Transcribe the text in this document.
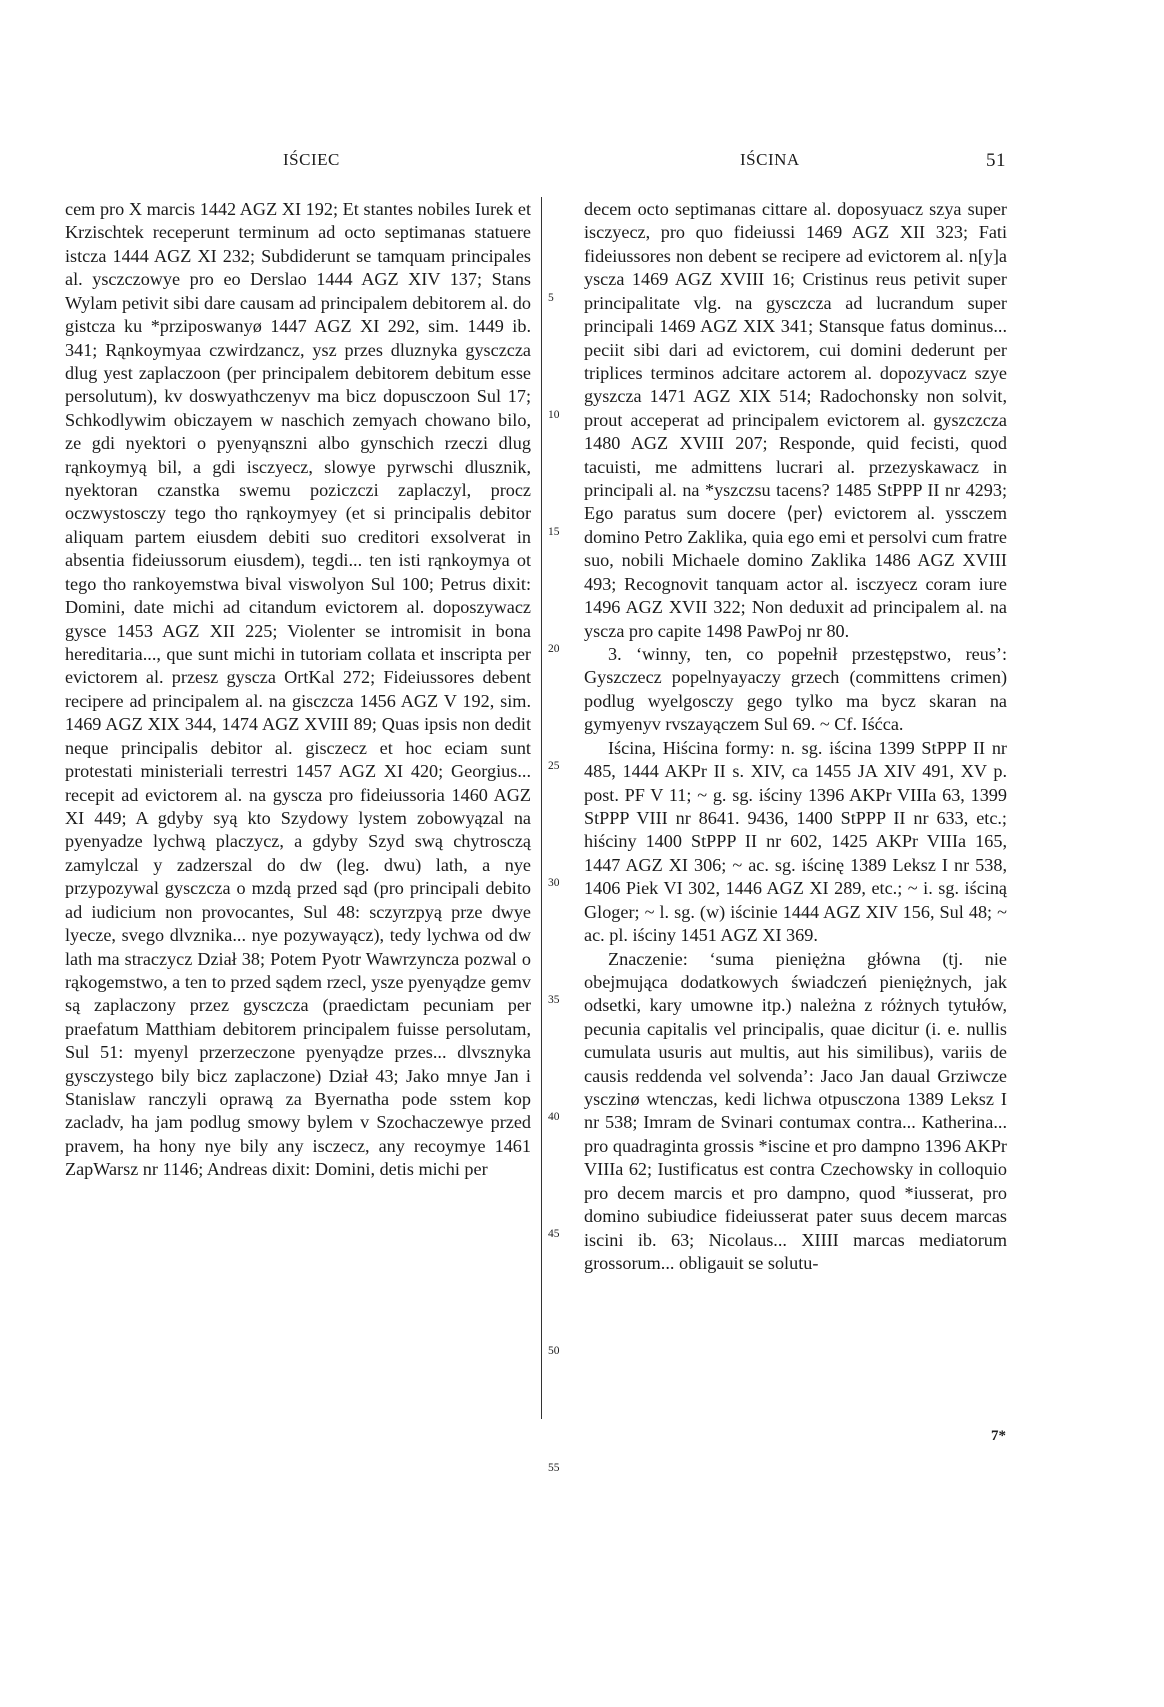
IŚCIEC	IŚCINA	51

cem pro X marcis 1442 AGZ XI 192; Et stantes nobiles Iurek et Krzischtek receperunt terminum ad octo septimanas statuere istcza 1444 AGZ XI 232; Subdiderunt se tamquam principales al. ysczczowye pro eo Derslao 1444 AGZ XIV 137; Stans Wylam petivit sibi dare causam ad principalem debitorem al. do gistcza ku *prziposwanyø 1447 AGZ XI 292, sim. 1449 ib. 341; Rąnkoymyaa czwirdzancz, ysz przes dluznyka gysczcza dlug yest zaplaczoon (per principalem debitorem debitum esse persolutum), kv doswyathczenyv ma bicz dopusczoon Sul 17; Schkodlywim obiczayem w naschich zemyach chowano bilo, ze gdi nyektori o pyenyąnszni albo gynschich rzeczi dlug rąnkoymyą bil, a gdi isczyecz, slowye pyrwschi dlusznik, nyektoran czanstka swemu poziczczi zaplaczyl, procz oczwystosczy tego tho rąnkoymyey (et si principalis debitor aliquam partem eiusdem debiti suo creditori exsolverat in absentia fideiussorum eiusdem), tegdi... ten isti rąnkoymya ot tego tho rankoyemstwa bival viswolyon Sul 100; Petrus dixit: Domini, date michi ad citandum evictorem al. doposzywacz gysce 1453 AGZ XII 225; Violenter se intromisit in bona hereditaria..., que sunt michi in tutoriam collata et inscripta per evictorem al. przesz gyscza OrtKal 272; Fideiussores debent recipere ad principalem al. na gisczcza 1456 AGZ V 192, sim. 1469 AGZ XIX 344, 1474 AGZ XVIII 89; Quas ipsis non dedit neque principalis debitor al. gisczecz et hoc eciam sunt protestati ministeriali terrestri 1457 AGZ XI 420; Georgius... recepit ad evictorem al. na gyscza pro fideiussoria 1460 AGZ XI 449; A gdyby syą kto Szydowy lystem zobowyązal na pyenyadze lychwą placzycz, a gdyby Szyd swą chytrosczą zamylczal y zadzerszal do dw (leg. dwu) lath, a nye przypozywal gysczcza o mzdą przed sąd (pro principali debito ad iudicium non provocantes, Sul 48: sczyrzpyą prze dwye lyecze, svego dlvznika... nye pozywayącz), tedy lychwa od dw lath ma straczycz Dział 38; Potem Pyotr Wawrzyncza pozwal o rąkogemstwo, a ten to przed sądem rzecl, ysze pyenyądze gemv są zaplaczony przez gysczcza (praedictam pecuniam per praefatum Matthiam debitorem principalem fuisse persolutam, Sul 51: myenyl przerzeczone pyenyądze przes... dlvsznyka gysczystego bily bicz zaplaczone) Dział 43; Jako mnye Jan i Stanislaw ranczyli oprawą za Byernatha pode sstem kop zacladv, ha jam podlug smowy bylem v Szochaczewye przed pravem, ha hony nye bily any isczecz, any recoymye 1461 ZapWarsz nr 1146; Andreas dixit: Domini, detis michi per

5
10
15
20
25
30
35
40
45
50
55

decem octo septimanas cittare al. doposyuacz szya super isczyecz, pro quo fideiussi 1469 AGZ XII 323; Fati fideiussores non debent se recipere ad evictorem al. n[y]a yscza 1469 AGZ XVIII 16; Cristinus reus petivit super principalitate vlg. na gysczcza ad lucrandum super principali 1469 AGZ XIX 341; Stansque fatus dominus... peciit sibi dari ad evictorem, cui domini dederunt per triplices terminos adcitare actorem al. dopozyvacz szye gyszcza 1471 AGZ XIX 514; Radochonsky non solvit, prout acceperat ad principalem evictorem al. gyszczcza 1480 AGZ XVIII 207; Responde, quid fecisti, quod tacuisti, me admittens lucrari al. przezyskawacz in principali al. na *yszczsu tacens? 1485 StPPP II nr 4293; Ego paratus sum docere ⟨per⟩ evictorem al. yssczem domino Petro Zaklika, quia ego emi et persolvi cum fratre suo, nobili Michaele domino Zaklika 1486 AGZ XVIII 493; Recognovit tanquam actor al. isczyecz coram iure 1496 AGZ XVII 322; Non deduxit ad principalem al. na yscza pro capite 1498 PawPoj nr 80.

3. ‘winny, ten, co popełnił przestępstwo, reus’: Gyszczecz popelnyayaczy grzech (committens crimen) podlug wyelgosczy gego tylko ma bycz skaran na gymyenyv rvszayączem Sul 69. ~ Cf. Iśćca.

Iścina, Hiścina formy: n. sg. iścina 1399 StPPP II nr 485, 1444 AKPr II s. XIV, ca 1455 JA XIV 491, XV p. post. PF V 11; ~ g. sg. iściny 1396 AKPr VIIIa 63, 1399 StPPP VIII nr 8641. 9436, 1400 StPPP II nr 633, etc.; hiściny 1400 StPPP II nr 602, 1425 AKPr VIIIa 165, 1447 AGZ XI 306; ~ ac. sg. iścinę 1389 Leksz I nr 538, 1406 Piek VI 302, 1446 AGZ XI 289, etc.; ~ i. sg. iściną Gloger; ~ l. sg. (w) iścinie 1444 AGZ XIV 156, Sul 48; ~ ac. pl. iściny 1451 AGZ XI 369.

Znaczenie: ‘suma pieniężna główna (tj. nie obejmująca dodatkowych świadczeń pieniężnych, jak odsetki, kary umowne itp.) należna z różnych tytułów, pecunia capitalis vel principalis, quae dicitur (i. e. nullis cumulata usuris aut multis, aut his similibus), variis de causis reddenda vel solvenda’: Jaco Jan daual Grziwcze ysczinø wtenczas, kedi lichwa otpusczona 1389 Leksz I nr 538; Imram de Svinari contumax contra... Katherina... pro quadraginta grossis *iscine et pro dampno 1396 AKPr VIIIa 62; Iustificatus est contra Czechowsky in colloquio pro decem marcis et pro dampno, quod *iusserat, pro domino subiudice fideiusserat pater suus decem marcas iscini ib. 63; Nicolaus... XIIII marcas mediatorum grossorum... obligauit se solutu-

7*
